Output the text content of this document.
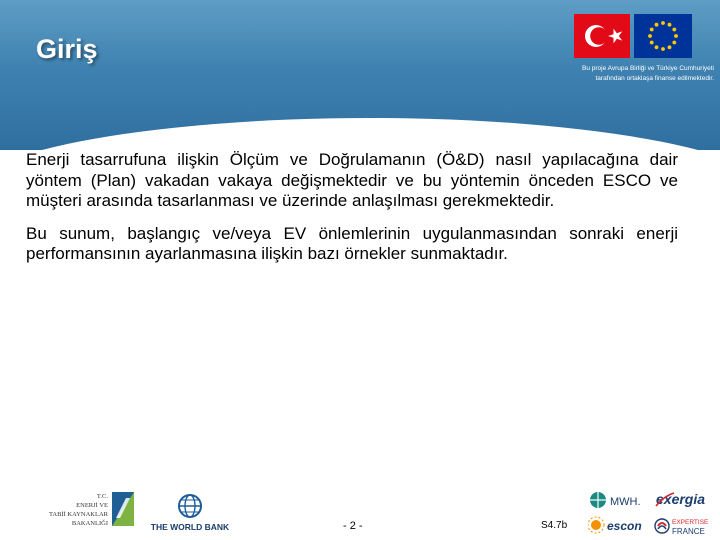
Giriş
Bu proje Avrupa Birliği ve Türkiye Cumhuriyeti
tarafından ortaklaşa finanse edilmektedir.

Enerji tasarrufuna ilişkin Ölçüm ve Doğrulamanın (Ö&D) nasıl yapılacağına dair yöntem (Plan) vakadan vakaya değişmektedir ve bu yöntemin önceden ESCO ve müşteri arasında tasarlanması ve üzerinde anlaşılması gerekmektedir.

Bu sunum, başlangıç ve/veya EV önlemlerinin uygulanmasından sonraki enerji performansının ayarlanmasına ilişkin bazı örnekler sunmaktadır.

T.C.
ENERJİ VE
TABİİ KAYNAKLAR
BAKANLIĞI	THE WORLD BANK	- 2 -	S4.7b
MWH. exergia
escon	EXPERTISE
FRANCE
